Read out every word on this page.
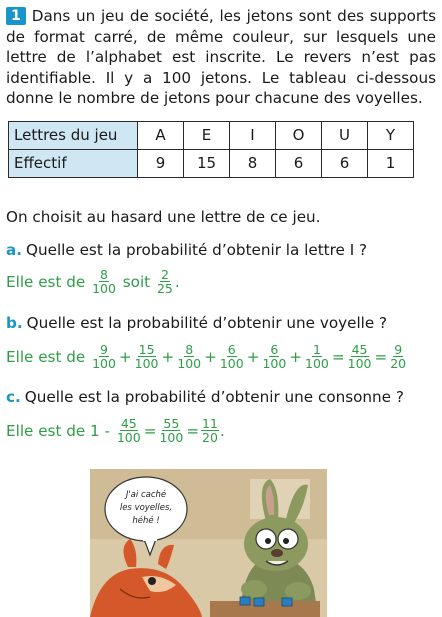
1 Dans un jeu de société, les jetons sont des supports de format carré, de même couleur, sur lesquels une lettre de l’alphabet est inscrite. Le revers n’est pas identifiable. Il y a 100 jetons. Le tableau ci-dessous donne le nombre de jetons pour chacune des voyelles.

Lettres du jeu	A	E	I	O	U	Y
Effectif	9	15	8	6	6	1

On choisit au hasard une lettre de ce jeu.

a. Quelle est la probabilité d’obtenir la lettre I ?

Elle est de
$\frac{8}{100}$
soit
$\frac{2}{25}$ .

b. Quelle est la probabilité d’obtenir une voyelle ?

Elle est de
$\frac{9}{100} + \frac{15}{100} + \frac{8}{100} + \frac{6}{100} + \frac{6}{100} + \frac{1}{100} = \frac{45}{100} = \frac{9}{20}$

c. Quelle est la probabilité d’obtenir une consonne ?

Elle est de 1 -
$\frac{45}{100} = \frac{55}{100} = \frac{11}{20}$ .
J'ai caché
les voyelles,
héhé !
